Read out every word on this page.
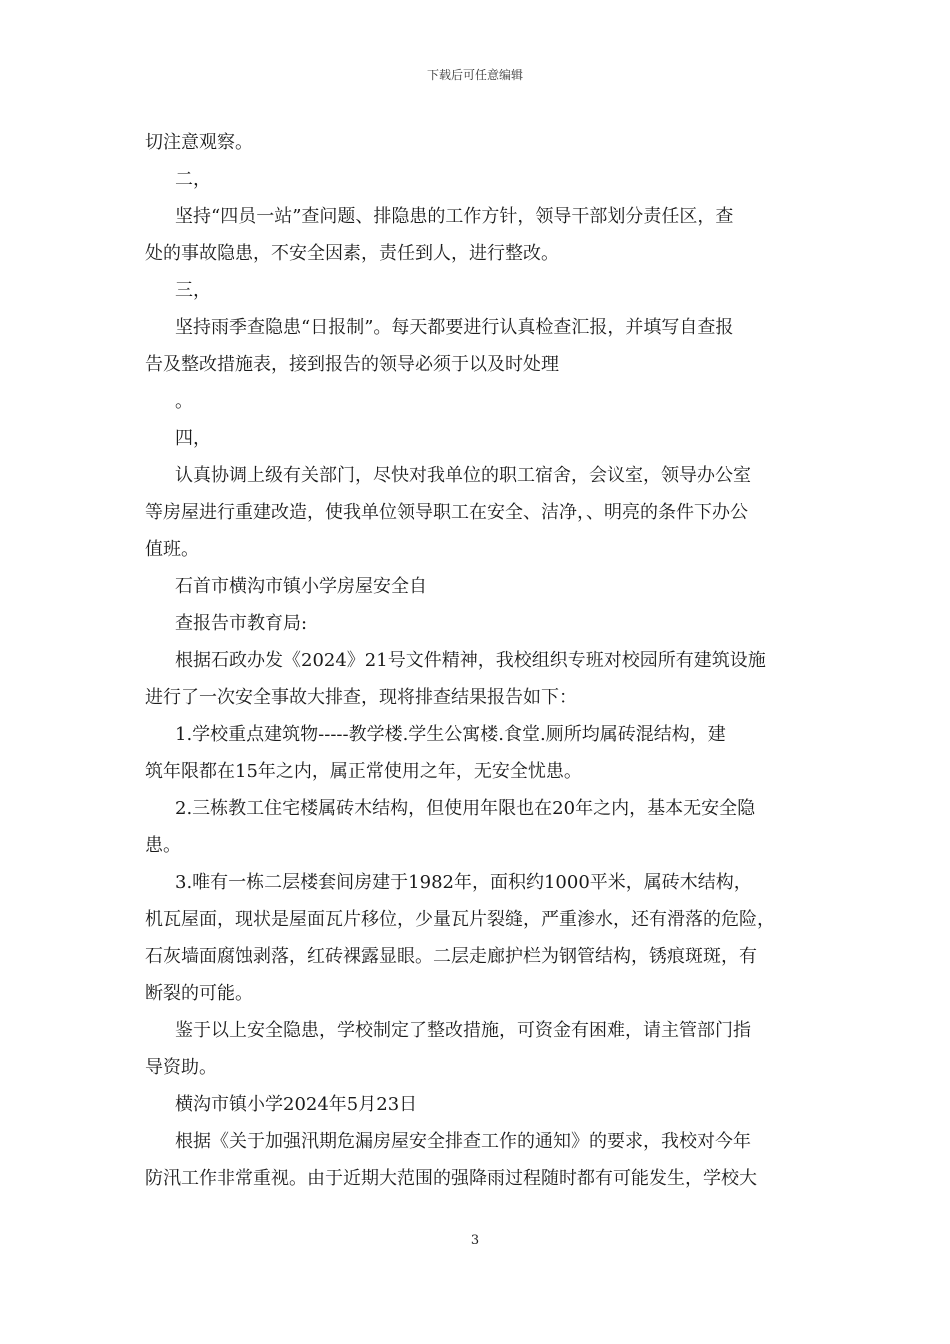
下载后可任意编辑

切注意观察。

二，

坚持“四员一站”查问题、排隐患的工作方针，领导干部划分责任区，查

处的事故隐患，不安全因素，责任到人，进行整改。

三，

坚持雨季查隐患“日报制”。每天都要进行认真检查汇报，并填写自查报

告及整改措施表，接到报告的领导必须于以及时处理

。

四，

认真协调上级有关部门，尽快对我单位的职工宿舍，会议室，领导办公室

等房屋进行重建改造，使我单位领导职工在安全、洁净，、明亮的条件下办公

值班。

石首市横沟市镇小学房屋安全自

查报告市教育局:

根据石政办发《2024》21号文件精神，我校组织专班对校园所有建筑设施

进行了一次安全事故大排查，现将排查结果报告如下：

1.学校重点建筑物-----教学楼.学生公寓楼.食堂.厕所均属砖混结构，建

筑年限都在15年之内，属正常使用之年，无安全忧患。

2.三栋教工住宅楼属砖木结构，但使用年限也在20年之内，基本无安全隐

患。

3.唯有一栋二层楼套间房建于1982年，面积约1000平米，属砖木结构，

机瓦屋面，现状是屋面瓦片移位，少量瓦片裂缝，严重渗水，还有滑落的危险，

石灰墙面腐蚀剥落，红砖裸露显眼。二层走廊护栏为钢管结构，锈痕斑斑，有

断裂的可能。

鉴于以上安全隐患，学校制定了整改措施，可资金有困难，请主管部门指

导资助。

横沟市镇小学2024年5月23日

根据《关于加强汛期危漏房屋安全排查工作的通知》的要求，我校对今年

防汛工作非常重视。由于近期大范围的强降雨过程随时都有可能发生，学校大

3
